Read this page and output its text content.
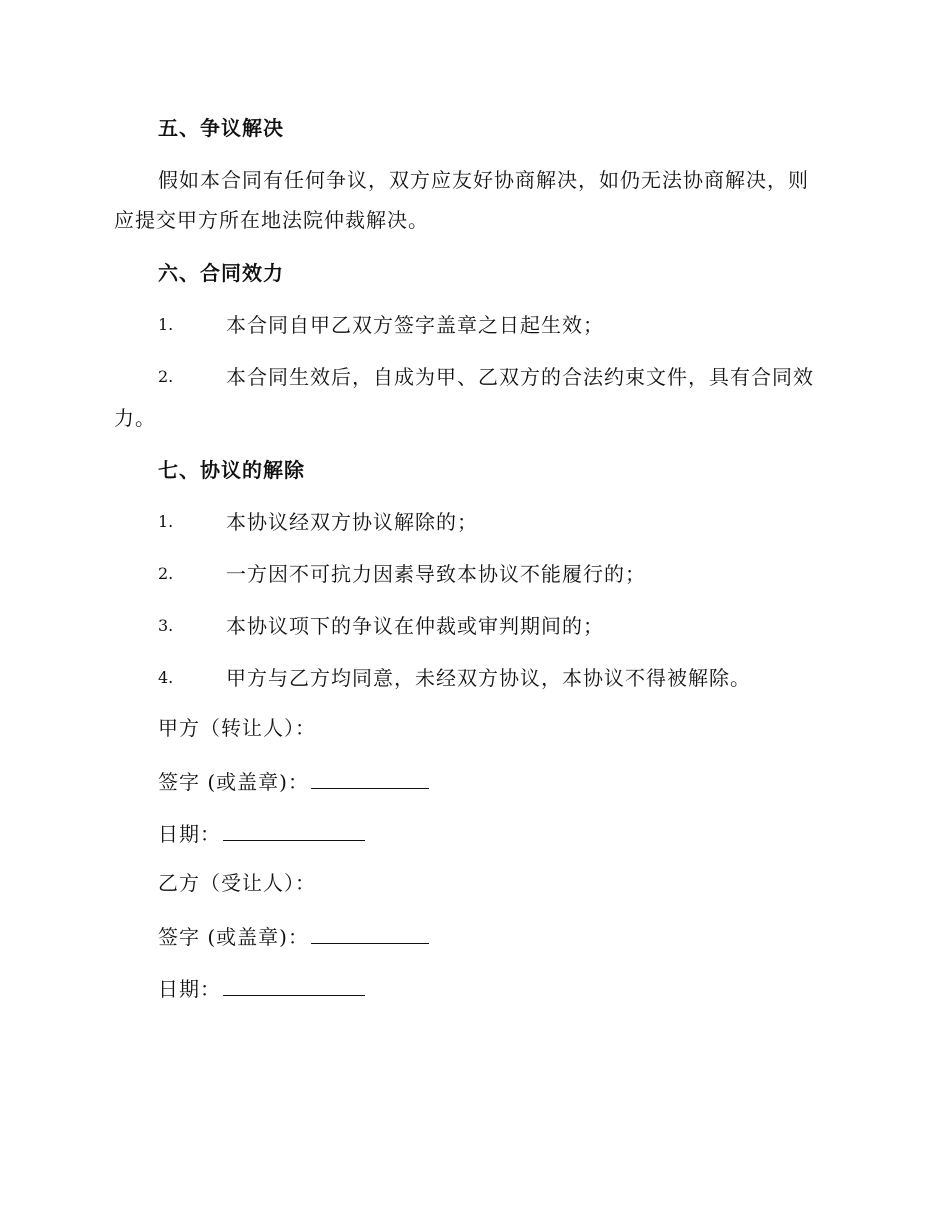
五、争议解决
假如本合同有任何争议，双方应友好协商解决，如仍无法协商解决，则
应提交甲方所在地法院仲裁解决。
六、合同效力
1.	本合同自甲乙双方签字盖章之日起生效；
2.	本合同生效后，自成为甲、乙双方的合法约束文件，具有合同效
力。
七、协议的解除
1.	本协议经双方协议解除的；
2.	一方因不可抗力因素导致本协议不能履行的；
3.	本协议项下的争议在仲裁或审判期间的；
4.	甲方与乙方均同意，未经双方协议，本协议不得被解除。
甲方（转让人）：
签字 (或盖章)：
日期：
乙方（受让人）：
签字 (或盖章)：
日期：
